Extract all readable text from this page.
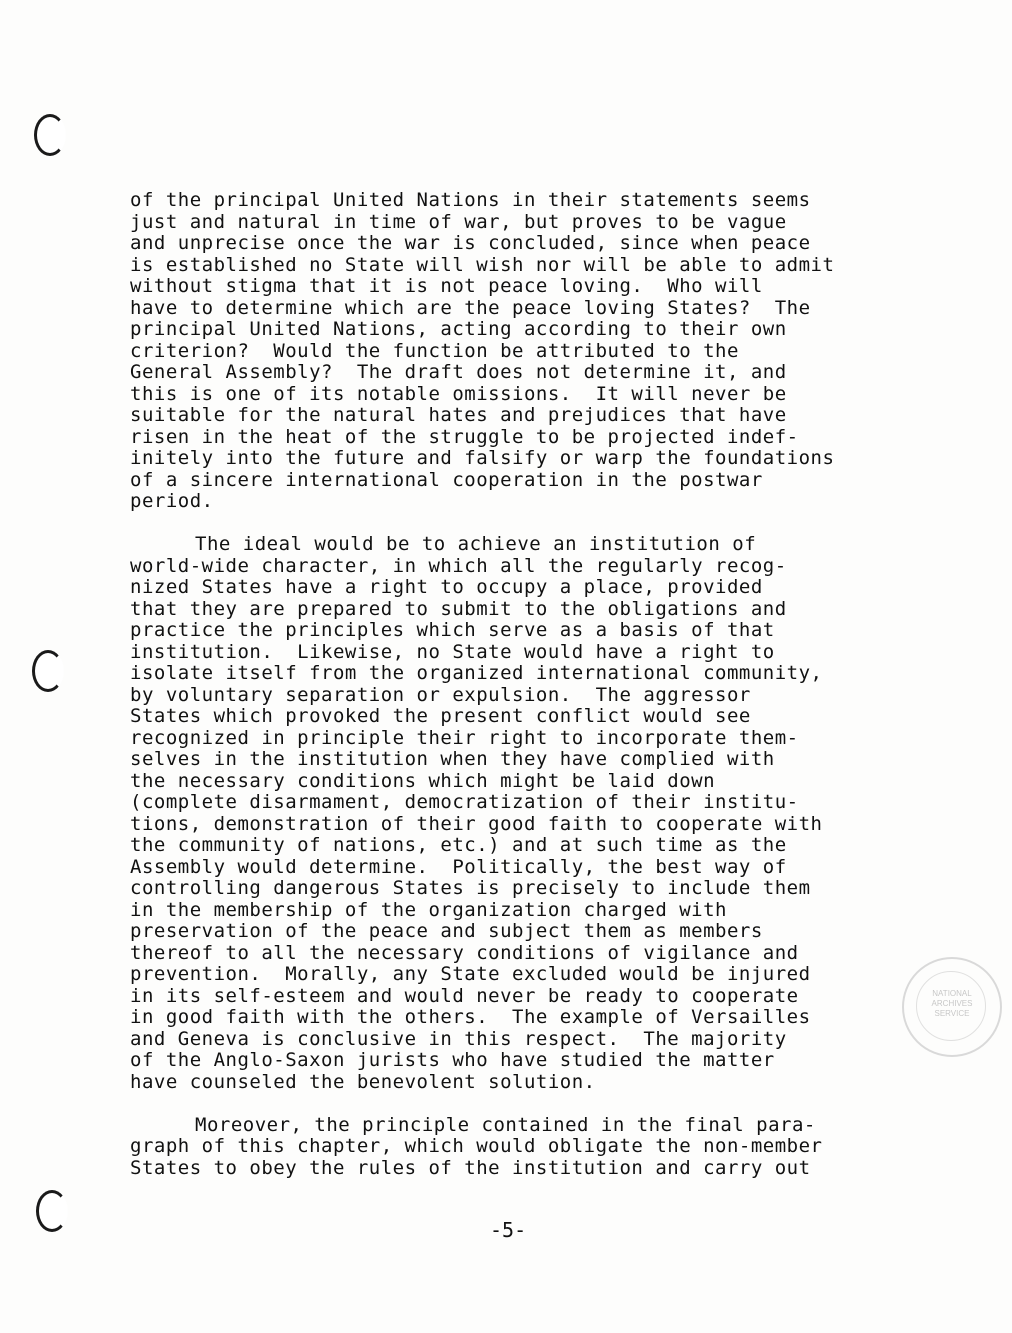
of the principal United Nations in their statements seems
just and natural in time of war, but proves to be vague
and unprecise once the war is concluded, since when peace
is established no State will wish nor will be able to admit
without stigma that it is not peace loving.  Who will
have to determine which are the peace loving States?  The
principal United Nations, acting according to their own
criterion?  Would the function be attributed to the
General Assembly?  The draft does not determine it, and
this is one of its notable omissions.  It will never be
suitable for the natural hates and prejudices that have
risen in the heat of the struggle to be projected indef-
initely into the future and falsify or warp the foundations
of a sincere international cooperation in the postwar
period.
The ideal would be to achieve an institution of
world-wide character, in which all the regularly recog-
nized States have a right to occupy a place, provided
that they are prepared to submit to the obligations and
practice the principles which serve as a basis of that
institution.  Likewise, no State would have a right to
isolate itself from the organized international community,
by voluntary separation or expulsion.  The aggressor
States which provoked the present conflict would see
recognized in principle their right to incorporate them-
selves in the institution when they have complied with
the necessary conditions which might be laid down
(complete disarmament, democratization of their institu-
tions, demonstration of their good faith to cooperate with
the community of nations, etc.) and at such time as the
Assembly would determine.  Politically, the best way of
controlling dangerous States is precisely to include them
in the membership of the organization charged with
preservation of the peace and subject them as members
thereof to all the necessary conditions of vigilance and
prevention.  Morally, any State excluded would be injured
in its self-esteem and would never be ready to cooperate
in good faith with the others.  The example of Versailles
and Geneva is conclusive in this respect.  The majority
of the Anglo-Saxon jurists who have studied the matter
have counseled the benevolent solution.
Moreover, the principle contained in the final para-
graph of this chapter, which would obligate the non-member
States to obey the rules of the institution and carry out
NATIONAL
ARCHIVES
SERVICE
-5-
